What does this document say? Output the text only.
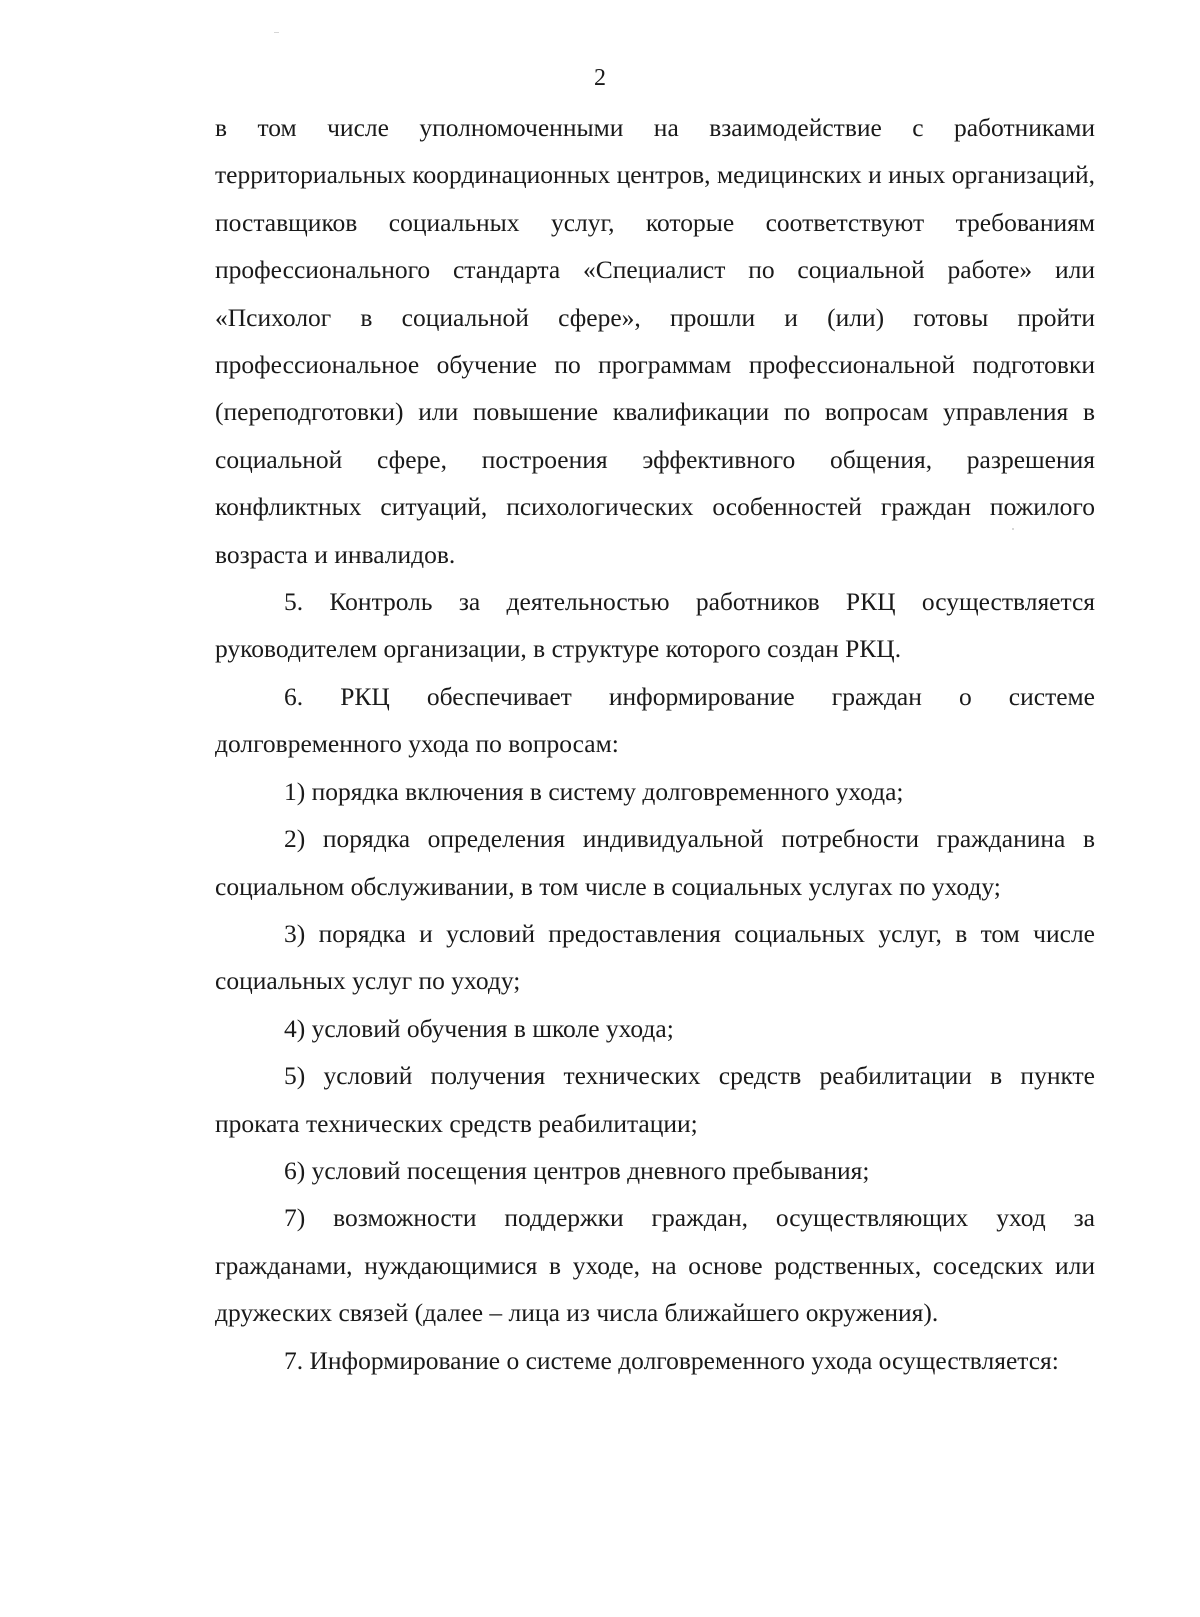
2

в том числе уполномоченными на взаимодействие с работниками территориальных координационных центров, медицинских и иных организаций, поставщиков социальных услуг, которые соответствуют требованиям профессионального стандарта «Специалист по социальной работе» или «Психолог в социальной сфере», прошли и (или) готовы пройти профессиональное обучение по программам профессиональной подготовки (переподготовки) или повышение квалификации по вопросам управления в социальной сфере, построения эффективного общения, разрешения конфликтных ситуаций, психологических особенностей граждан пожилого возраста и инвалидов.

5. Контроль за деятельностью работников РКЦ осуществляется руководителем организации, в структуре которого создан РКЦ.

6. РКЦ обеспечивает информирование граждан о системе долговременного ухода по вопросам:

1) порядка включения в систему долговременного ухода;

2) порядка определения индивидуальной потребности гражданина в социальном обслуживании, в том числе в социальных услугах по уходу;

3) порядка и условий предоставления социальных услуг, в том числе социальных услуг по уходу;

4) условий обучения в школе ухода;

5) условий получения технических средств реабилитации в пункте проката технических средств реабилитации;

6) условий посещения центров дневного пребывания;

7) возможности поддержки граждан, осуществляющих уход за гражданами, нуждающимися в уходе, на основе родственных, соседских или дружеских связей (далее – лица из числа ближайшего окружения).

7. Информирование о системе долговременного ухода осуществляется:
